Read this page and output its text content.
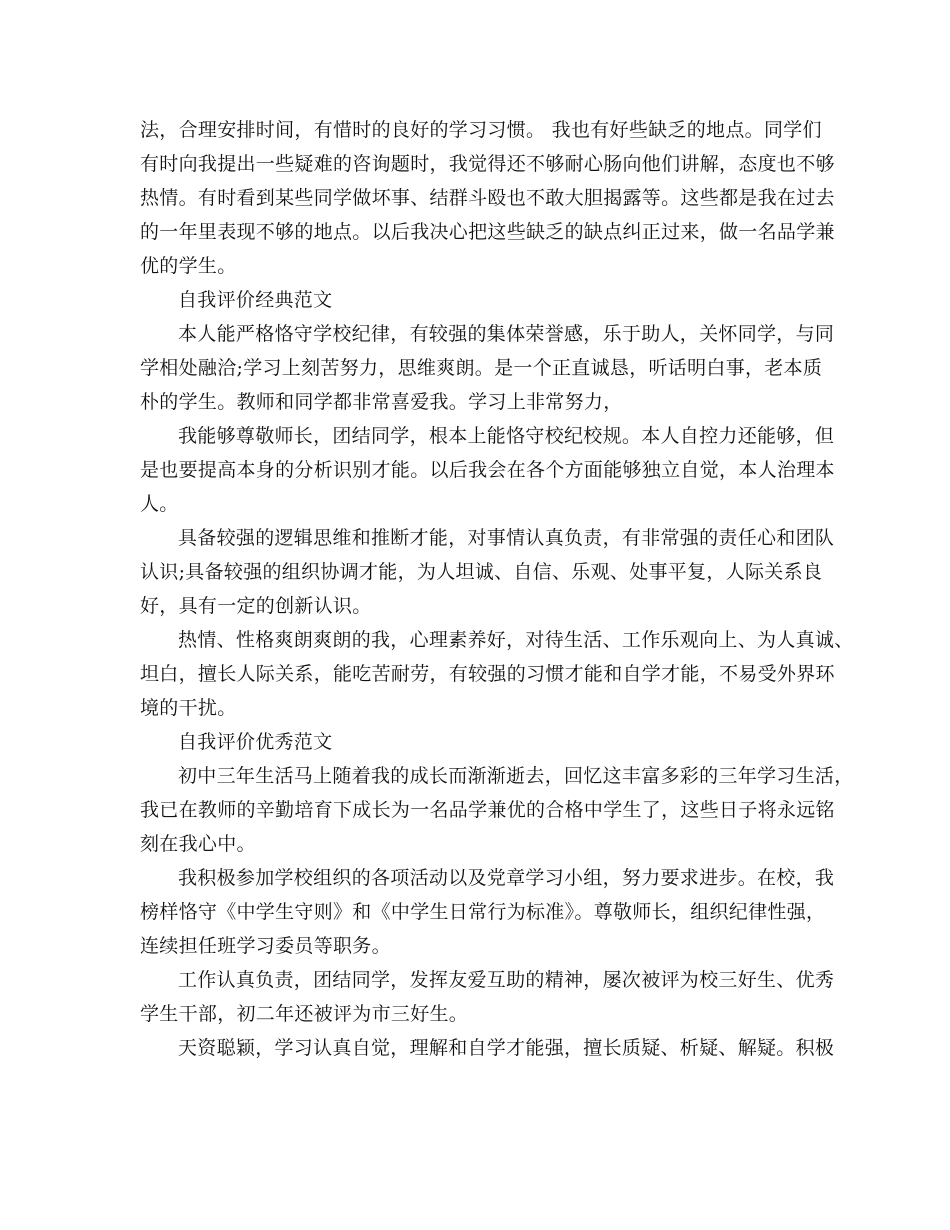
法，合理安排时间，有惜时的良好的学习习惯。 我也有好些缺乏的地点。同学们
有时向我提出一些疑难的咨询题时，我觉得还不够耐心肠向他们讲解，态度也不够
热情。有时看到某些同学做坏事、结群斗殴也不敢大胆揭露等。这些都是我在过去
的一年里表现不够的地点。以后我决心把这些缺乏的缺点纠正过来，做一名品学兼
优的学生。
自我评价经典范文
本人能严格恪守学校纪律，有较强的集体荣誉感，乐于助人，关怀同学，与同
学相处融洽;学习上刻苦努力，思维爽朗。是一个正直诚恳，听话明白事，老本质
朴的学生。教师和同学都非常喜爱我。学习上非常努力，
我能够尊敬师长，团结同学，根本上能恪守校纪校规。本人自控力还能够，但
是也要提高本身的分析识别才能。以后我会在各个方面能够独立自觉，本人治理本
人。
具备较强的逻辑思维和推断才能，对事情认真负责，有非常强的责任心和团队
认识;具备较强的组织协调才能，为人坦诚、自信、乐观、处事平复，人际关系良
好，具有一定的创新认识。
热情、性格爽朗爽朗的我，心理素养好，对待生活、工作乐观向上、为人真诚、
坦白，擅长人际关系，能吃苦耐劳，有较强的习惯才能和自学才能，不易受外界环
境的干扰。
自我评价优秀范文
初中三年生活马上随着我的成长而渐渐逝去，回忆这丰富多彩的三年学习生活，
我已在教师的辛勤培育下成长为一名品学兼优的合格中学生了，这些日子将永远铭
刻在我心中。
我积极参加学校组织的各项活动以及党章学习小组，努力要求进步。在校，我
榜样恪守《中学生守则》和《中学生日常行为标准》。尊敬师长，组织纪律性强，
连续担任班学习委员等职务。
工作认真负责，团结同学，发挥友爱互助的精神，屡次被评为校三好生、优秀
学生干部，初二年还被评为市三好生。
天资聪颖，学习认真自觉，理解和自学才能强，擅长质疑、析疑、解疑。积极
